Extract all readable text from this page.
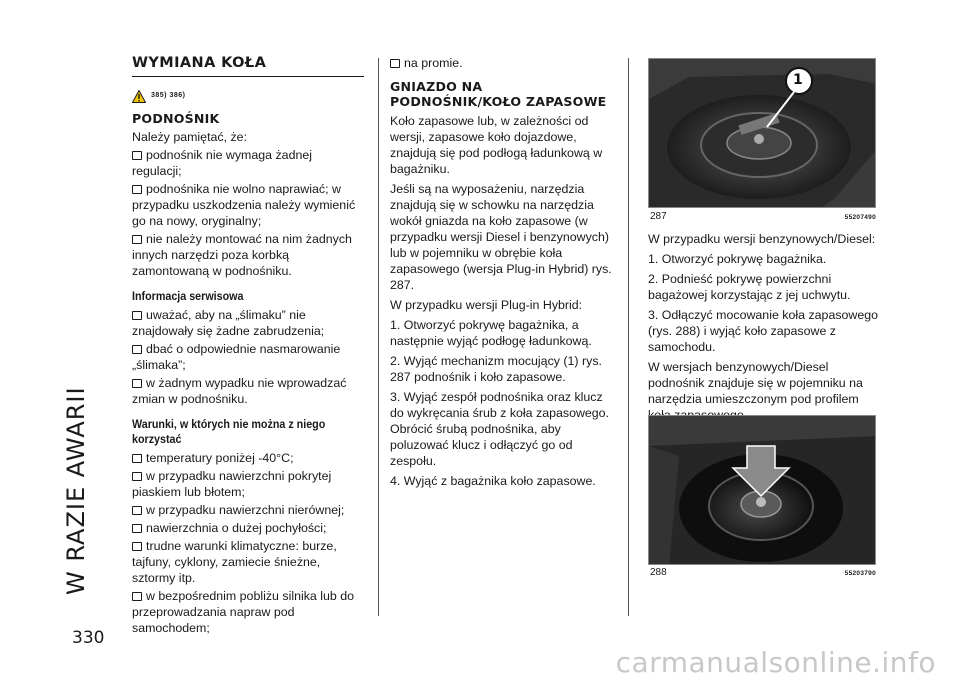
W RAZIE AWARII
330
carmanualsonline.info
WYMIANA KOŁA
385) 386)
PODNOŚNIK

Należy pamiętać, że:

podnośnik nie wymaga żadnej regulacji;
podnośnika nie wolno naprawiać; w przypadku uszkodzenia należy wymienić go na nowy, oryginalny;
nie należy montować na nim żadnych innych narzędzi poza korbką zamontowaną w podnośniku.
Informacja serwisowa
uważać, aby na „ślimaku” nie znajdowały się żadne zabrudzenia;
dbać o odpowiednie nasmarowanie „ślimaka”;
w żadnym wypadku nie wprowadzać zmian w podnośniku.
Warunki, w których nie można z niego korzystać
temperatury poniżej -40°C;
w przypadku nawierzchni pokrytej piaskiem lub błotem;
w przypadku nawierzchni nierównej;
nawierzchnia o dużej pochyłości;
trudne warunki klimatyczne: burze, tajfuny, cyklony, zamiecie śnieżne, sztormy itp.
w bezpośrednim pobliżu silnika lub do przeprowadzania napraw pod samochodem;
na promie.
GNIAZDO NA
PODNOŚNIK/KOŁO ZAPASOWE

Koło zapasowe lub, w zależności od wersji, zapasowe koło dojazdowe, znajdują się pod podłogą ładunkową w bagażniku.

Jeśli są na wyposażeniu, narzędzia znajdują się w schowku na narzędzia wokół gniazda na koło zapasowe (w przypadku wersji Diesel i benzynowych) lub w pojemniku w obrębie koła zapasowego (wersja Plug-in Hybrid) rys. 287.

W przypadku wersji Plug-in Hybrid:

1. Otworzyć pokrywę bagażnika, a następnie wyjąć podłogę ładunkową.

2. Wyjąć mechanizm mocujący (1) rys. 287 podnośnik i koło zapasowe.

3. Wyjąć zespół podnośnika oraz klucz do wykręcania śrub z koła zapasowego. Obrócić śrubą podnośnika, aby poluzować klucz i odłączyć go od zespołu.

4. Wyjąć z bagażnika koło zapasowe.

1
287	55207490

W przypadku wersji benzynowych/Diesel:

1. Otworzyć pokrywę bagażnika.

2. Podnieść pokrywę powierzchni bagażowej korzystając z jej uchwytu.

3. Odłączyć mocowanie koła zapasowego (rys. 288) i wyjąć koło zapasowe z samochodu.

W wersjach benzynowych/Diesel podnośnik znajduje się w pojemniku na narzędzia umieszczonym pod profilem

288	55203790
